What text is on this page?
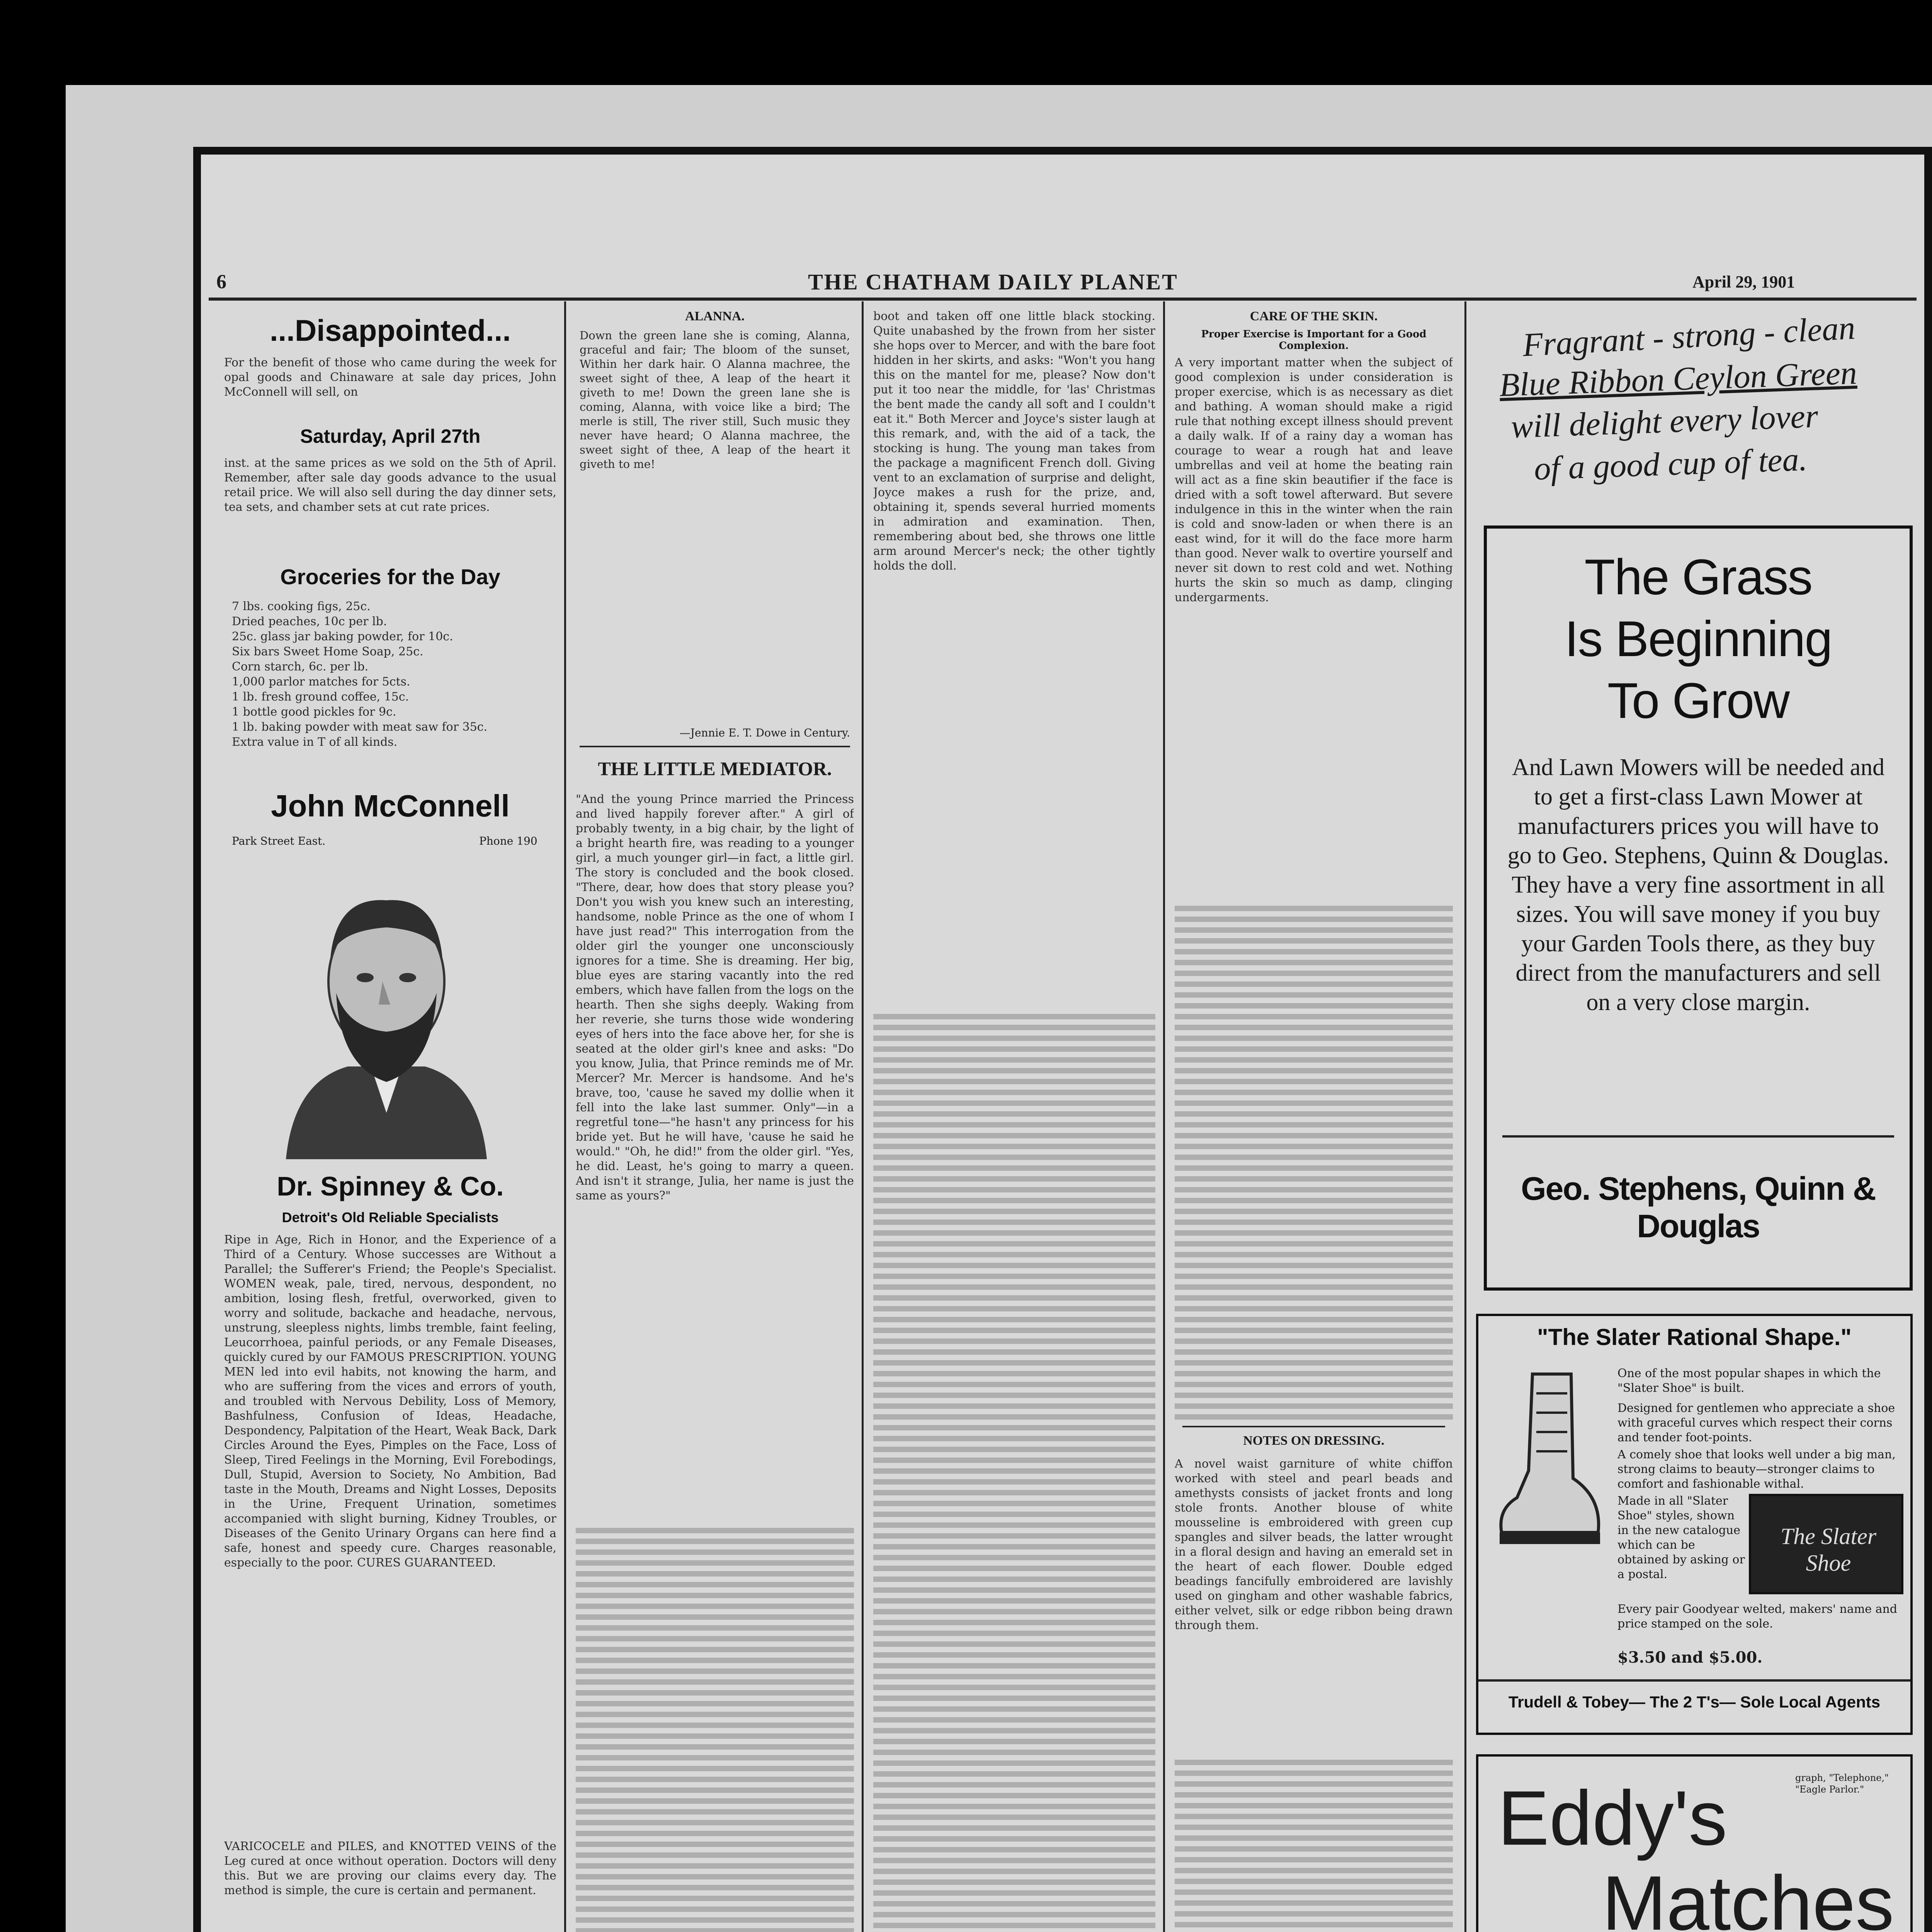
6	THE CHATHAM DAILY PLANET	April 29, 1901
...Disappointed...
For the benefit of those who came during the week for opal goods and Chinaware at sale day prices, John McConnell will sell, on
Saturday, April 27th
inst. at the same prices as we sold on the 5th of April. Remember, after sale day goods advance to the usual retail price. We will also sell during the day dinner sets, tea sets, and chamber sets at cut rate prices.
Groceries for the Day
7 lbs. cooking figs, 25c.
Dried peaches, 10c per lb.
25c. glass jar baking powder, for 10c.
Six bars Sweet Home Soap, 25c.
Corn starch, 6c. per lb.
1,000 parlor matches for 5cts.
1 lb. fresh ground coffee, 15c.
1 bottle good pickles for 9c.
1 lb. baking powder with meat saw for 35c.
Extra value in T of all kinds.
John McConnell
Park Street East.	Phone 190
Dr. Spinney & Co.
Detroit's Old Reliable Specialists
Ripe in Age, Rich in Honor, and the Experience of a Third of a Century. Whose successes are Without a Parallel; the Sufferer's Friend; the People's Specialist. WOMEN weak, pale, tired, nervous, despondent, no ambition, losing flesh, fretful, overworked, given to worry and solitude, backache and headache, nervous, unstrung, sleepless nights, limbs tremble, faint feeling, Leucorrhoea, painful periods, or any Female Diseases, quickly cured by our FAMOUS PRESCRIPTION. YOUNG MEN led into evil habits, not knowing the harm, and who are suffering from the vices and errors of youth, and troubled with Nervous Debility, Loss of Memory, Bashfulness, Confusion of Ideas, Headache, Despondency, Palpitation of the Heart, Weak Back, Dark Circles Around the Eyes, Pimples on the Face, Loss of Sleep, Tired Feelings in the Morning, Evil Forebodings, Dull, Stupid, Aversion to Society, No Ambition, Bad taste in the Mouth, Dreams and Night Losses, Deposits in the Urine, Frequent Urination, sometimes accompanied with slight burning, Kidney Troubles, or Diseases of the Genito Urinary Organs can here find a safe, honest and speedy cure. Charges reasonable, especially to the poor. CURES GUARANTEED.
VARICOCELE and PILES, and KNOTTED VEINS of the Leg cured at once without operation. Doctors will deny this. But we are proving our claims every day. The method is simple, the cure is certain and permanent.
ALANNA.
Down the green lane she is coming, Alanna, graceful and fair; The bloom of the sunset, Within her dark hair. O Alanna machree, the sweet sight of thee, A leap of the heart it giveth to me! Down the green lane she is coming, Alanna, with voice like a bird; The merle is still, The river still, Such music they never have heard; O Alanna machree, the sweet sight of thee, A leap of the heart it giveth to me!
—Jennie E. T. Dowe in Century.
THE LITTLE MEDIATOR.
"And the young Prince married the Princess and lived happily forever after." A girl of probably twenty, in a big chair, by the light of a bright hearth fire, was reading to a younger girl, a much younger girl—in fact, a little girl. The story is concluded and the book closed. "There, dear, how does that story please you? Don't you wish you knew such an interesting, handsome, noble Prince as the one of whom I have just read?" This interrogation from the older girl the younger one unconsciously ignores for a time. She is dreaming. Her big, blue eyes are staring vacantly into the red embers, which have fallen from the logs on the hearth. Then she sighs deeply. Waking from her reverie, she turns those wide wondering eyes of hers into the face above her, for she is seated at the older girl's knee and asks: "Do you know, Julia, that Prince reminds me of Mr. Mercer? Mr. Mercer is handsome. And he's brave, too, 'cause he saved my dollie when it fell into the lake last summer. Only"—in a regretful tone—"he hasn't any princess for his bride yet. But he will have, 'cause he said he would." "Oh, he did!" from the older girl. "Yes, he did. Least, he's going to marry a queen. And isn't it strange, Julia, her name is just the same as yours?"
boot and taken off one little black stocking. Quite unabashed by the frown from her sister she hops over to Mercer, and with the bare foot hidden in her skirts, and asks: "Won't you hang this on the mantel for me, please? Now don't put it too near the middle, for 'las' Christmas the bent made the candy all soft and I couldn't eat it." Both Mercer and Joyce's sister laugh at this remark, and, with the aid of a tack, the stocking is hung. The young man takes from the package a magnificent French doll. Giving vent to an exclamation of surprise and delight, Joyce makes a rush for the prize, and, obtaining it, spends several hurried moments in admiration and examination. Then, remembering about bed, she throws one little arm around Mercer's neck; the other tightly holds the doll.
CARE OF THE SKIN.
Proper Exercise is Important for a Good Complexion.
A very important matter when the subject of good complexion is under consideration is proper exercise, which is as necessary as diet and bathing. A woman should make a rigid rule that nothing except illness should prevent a daily walk. If of a rainy day a woman has courage to wear a rough hat and leave umbrellas and veil at home the beating rain will act as a fine skin beautifier if the face is dried with a soft towel afterward. But severe indulgence in this in the winter when the rain is cold and snow-laden or when there is an east wind, for it will do the face more harm than good. Never walk to overtire yourself and never sit down to rest cold and wet. Nothing hurts the skin so much as damp, clinging undergarments.
NOTES ON DRESSING.
A novel waist garniture of white chiffon worked with steel and pearl beads and amethysts consists of jacket fronts and long stole fronts. Another blouse of white mousseline is embroidered with green cup spangles and silver beads, the latter wrought in a floral design and having an emerald set in the heart of each flower. Double edged beadings fancifully embroidered are lavishly used on gingham and other washable fabrics, either velvet, silk or edge ribbon being drawn through them.
Fragrant - strong - clean
Blue Ribbon Ceylon Green
will delight every lover
of a good cup of tea.
The Grass
Is Beginning
To Grow
And Lawn Mowers will be needed and to get a first-class Lawn Mower at manufacturers prices you will have to go to Geo. Stephens, Quinn & Douglas. They have a very fine assortment in all sizes. You will save money if you buy your Garden Tools there, as they buy direct from the manufacturers and sell on a very close margin.
Geo. Stephens, Quinn & Douglas
"The Slater Rational Shape."
One of the most popular shapes in which the "Slater Shoe" is built.
Designed for gentlemen who appreciate a shoe with graceful curves which respect their corns and tender foot-points.
A comely shoe that looks well under a big man, strong claims to beauty—stronger claims to comfort and fashionable withal.
Made in all "Slater Shoe" styles, shown in the new catalogue which can be obtained by asking or a postal.
The Slater Shoe
Every pair Goodyear welted, makers' name and price stamped on the sole.
$3.50 and $5.00.
Trudell & Tobey— The 2 T's— Sole Local Agents
graph, "Telephone," "Eagle Parlor."
Eddy's
Matches
